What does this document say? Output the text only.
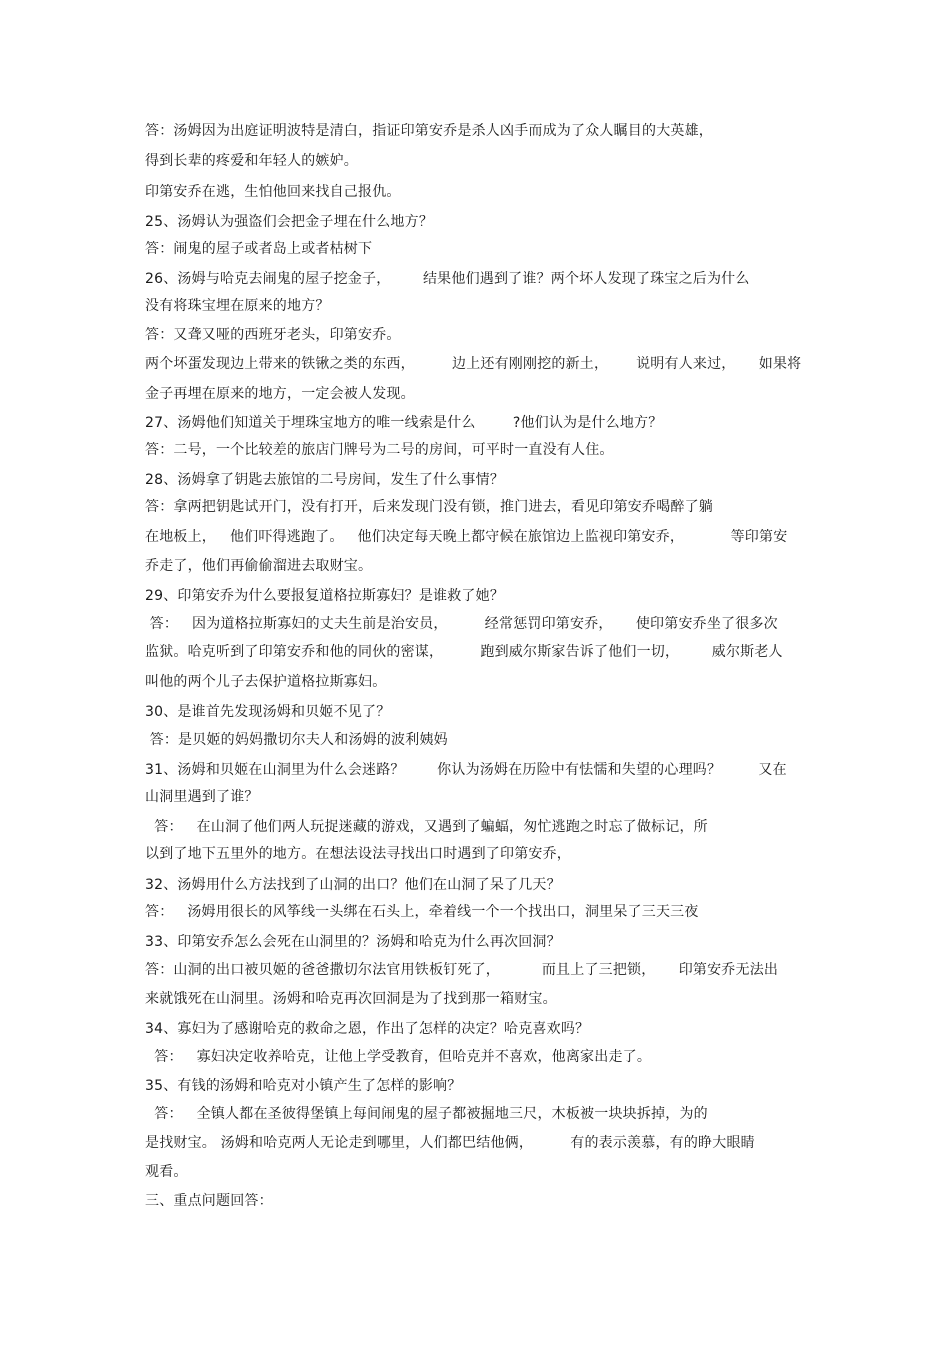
答：汤姆因为出庭证明波特是清白，指证印第安乔是杀人凶手而成为了众人瞩目的大英雄，
得到长辈的疼爱和年轻人的嫉妒。
印第安乔在逃，生怕他回来找自己报仇。
25、汤姆认为强盗们会把金子埋在什么地方？
答：闹鬼的屋子或者岛上或者枯树下
26、汤姆与哈克去闹鬼的屋子挖金子，       结果他们遇到了谁？两个坏人发现了珠宝之后为什么
没有将珠宝埋在原来的地方？
答：又聋又哑的西班牙老头，印第安乔。
两个坏蛋发现边上带来的铁锹之类的东西，        边上还有刚刚挖的新土，      说明有人来过，     如果将
金子再埋在原来的地方，一定会被人发现。
27、汤姆他们知道关于埋珠宝地方的唯一线索是什么        ?他们认为是什么地方？
答：二号，一个比较差的旅店门牌号为二号的房间，可平时一直没有人住。
28、汤姆拿了钥匙去旅馆的二号房间，发生了什么事情？
答：拿两把钥匙试开门，没有打开，后来发现门没有锁，推门进去，看见印第安乔喝醉了躺
在地板上，   他们吓得逃跑了。   他们决定每天晚上都守候在旅馆边上监视印第安乔，          等印第安
乔走了，他们再偷偷溜进去取财宝。
29、印第安乔为什么要报复道格拉斯寡妇？是谁救了她？
答：   因为道格拉斯寡妇的丈夫生前是治安员，        经常惩罚印第安乔，     使印第安乔坐了很多次
监狱。哈克听到了印第安乔和他的同伙的密谋，        跑到威尔斯家告诉了他们一切，       威尔斯老人
叫他的两个儿子去保护道格拉斯寡妇。
30、是谁首先发现汤姆和贝姬不见了？
答：是贝姬的妈妈撒切尔夫人和汤姆的波利姨妈
31、汤姆和贝姬在山洞里为什么会迷路？       你认为汤姆在历险中有怯懦和失望的心理吗？        又在
山洞里遇到了谁？
答：   在山洞了他们两人玩捉迷藏的游戏，又遇到了蝙蝠，匆忙逃跑之时忘了做标记，所
以到了地下五里外的地方。在想法设法寻找出口时遇到了印第安乔，
32、汤姆用什么方法找到了山洞的出口？他们在山洞了呆了几天？
答：   汤姆用很长的风筝线一头绑在石头上，牵着线一个一个找出口，洞里呆了三天三夜
33、印第安乔怎么会死在山洞里的？汤姆和哈克为什么再次回洞？
答：山洞的出口被贝姬的爸爸撒切尔法官用铁板钉死了，         而且上了三把锁，     印第安乔无法出
来就饿死在山洞里。汤姆和哈克再次回洞是为了找到那一箱财宝。
34、寡妇为了感谢哈克的救命之恩，作出了怎样的决定？哈克喜欢吗？
答：   寡妇决定收养哈克，让他上学受教育，但哈克并不喜欢，他离家出走了。
35、有钱的汤姆和哈克对小镇产生了怎样的影响？
答：   全镇人都在圣彼得堡镇上每间闹鬼的屋子都被掘地三尺，木板被一块块拆掉，为的
是找财宝。 汤姆和哈克两人无论走到哪里，人们都巴结他俩，        有的表示羡慕，有的睁大眼睛
观看。
三、重点问题回答：
